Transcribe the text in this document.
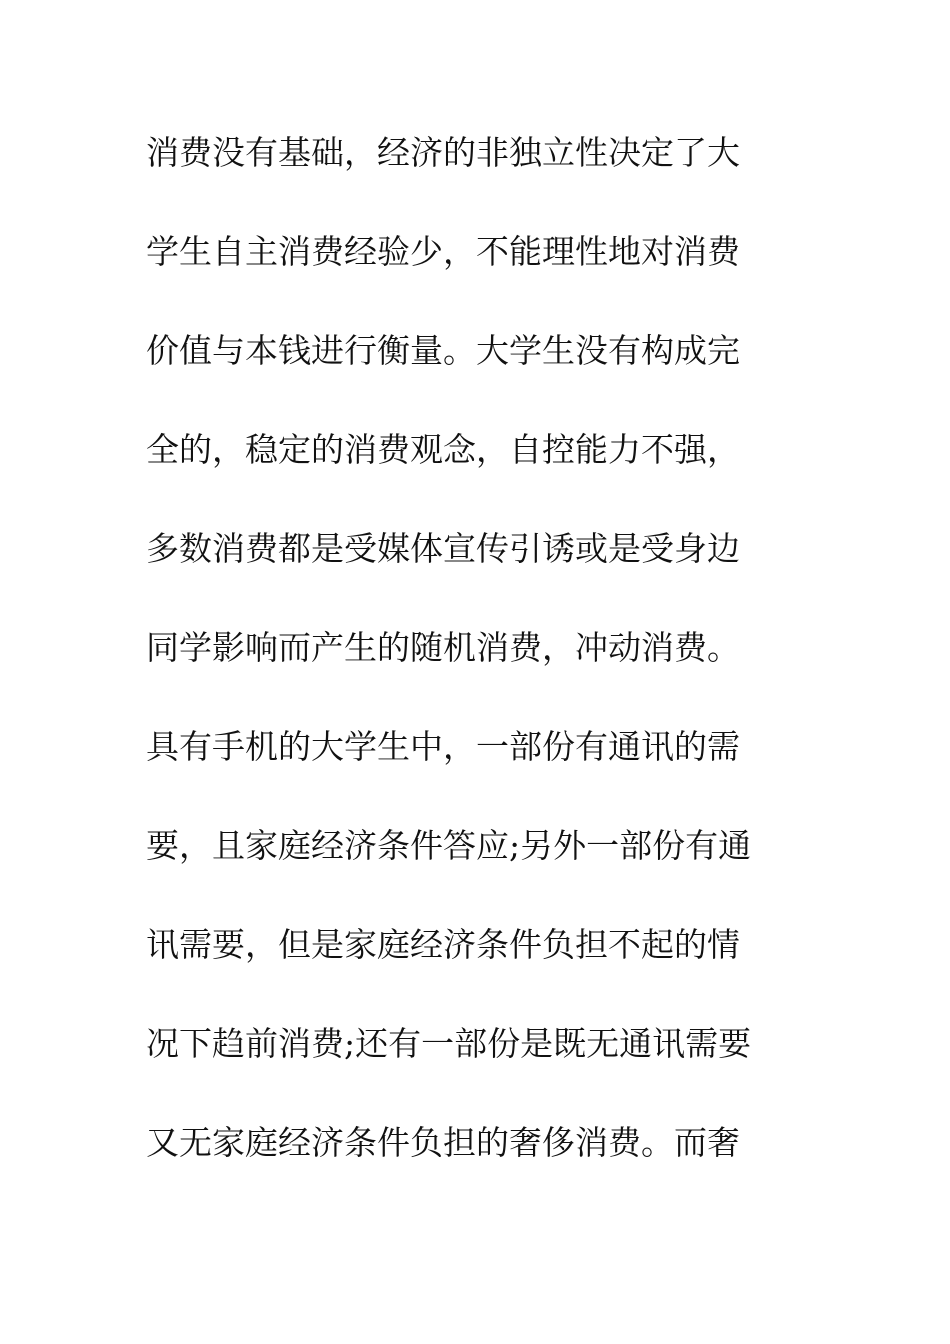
消费没有基础，经济的非独立性决定了大
学生自主消费经验少，不能理性地对消费
价值与本钱进行衡量。大学生没有构成完
全的，稳定的消费观念，自控能力不强，
多数消费都是受媒体宣传引诱或是受身边
同学影响而产生的随机消费，冲动消费。
具有手机的大学生中，一部份有通讯的需
要，且家庭经济条件答应;另外一部份有通
讯需要，但是家庭经济条件负担不起的情
况下趋前消费;还有一部份是既无通讯需要
又无家庭经济条件负担的奢侈消费。而奢
